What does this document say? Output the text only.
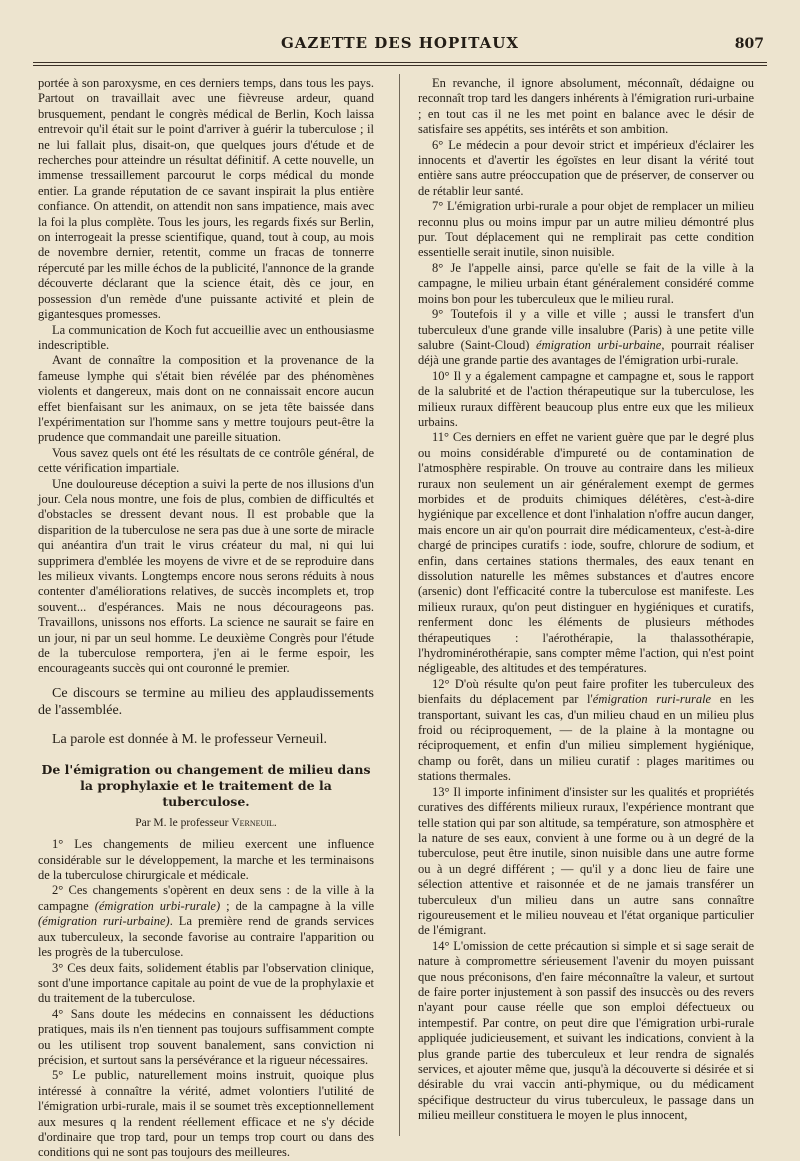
GAZETTE DES HOPITAUX	807

portée à son paroxysme, en ces derniers temps, dans tous les pays. Partout on travaillait avec une fièvreuse ardeur, quand brusquement, pendant le congrès médical de Berlin, Koch laissa entrevoir qu'il était sur le point d'arriver à guérir la tuberculose ; il ne lui fallait plus, disait-on, que quelques jours d'étude et de recherches pour atteindre un résultat définitif. A cette nouvelle, un immense tressaillement parcourut le corps médical du monde entier. La grande réputation de ce savant inspirait la plus entière confiance. On attendit, on attendit non sans impatience, mais avec la foi la plus complète. Tous les jours, les regards fixés sur Berlin, on interrogeait la presse scientifique, quand, tout à coup, au mois de novembre dernier, retentit, comme un fracas de tonnerre répercuté par les mille échos de la publicité, l'annonce de la grande découverte déclarant que la science était, dès ce jour, en possession d'un remède d'une puissante activité et plein de gigantesques promesses.

La communication de Koch fut accueillie avec un enthousiasme indescriptible.

Avant de connaître la composition et la provenance de la fameuse lymphe qui s'était bien révélée par des phénomènes violents et dangereux, mais dont on ne connaissait encore aucun effet bienfaisant sur les animaux, on se jeta tête baissée dans l'expérimentation sur l'homme sans y mettre toujours peut-être la prudence que commandait une pareille situation.

Vous savez quels ont été les résultats de ce contrôle général, de cette vérification impartiale.

Une douloureuse déception a suivi la perte de nos illusions d'un jour. Cela nous montre, une fois de plus, combien de difficultés et d'obstacles se dressent devant nous. Il est probable que la disparition de la tuberculose ne sera pas due à une sorte de miracle qui anéantira d'un trait le virus créateur du mal, ni qui lui supprimera d'emblée les moyens de vivre et de se reproduire dans les milieux vivants. Longtemps encore nous serons réduits à nous contenter d'améliorations relatives, de succès incomplets et, trop souvent... d'espérances. Mais ne nous décourageons pas. Travaillons, unissons nos efforts. La science ne saurait se faire en un jour, ni par un seul homme. Le deuxième Congrès pour l'étude de la tuberculose remportera, j'en ai le ferme espoir, les encourageants succès qui ont couronné le premier.

Ce discours se termine au milieu des applaudissements de l'assemblée.

La parole est donnée à M. le professeur Verneuil.

De l'émigration ou changement de milieu dans la prophylaxie et le traitement de la tuberculose.

Par M. le professeur Verneuil.

1° Les changements de milieu exercent une influence considérable sur le développement, la marche et les terminaisons de la tuberculose chirurgicale et médicale.

2° Ces changements s'opèrent en deux sens : de la ville à la campagne (émigration urbi-rurale) ; de la campagne à la ville (émigration ruri-urbaine). La première rend de grands services aux tuberculeux, la seconde favorise au contraire l'apparition ou les progrès de la tuberculose.

3° Ces deux faits, solidement établis par l'observation clinique, sont d'une importance capitale au point de vue de la prophylaxie et du traitement de la tuberculose.

4° Sans doute les médecins en connaissent les déductions pratiques, mais ils n'en tiennent pas toujours suffisamment compte ou les utilisent trop souvent banalement, sans conviction ni précision, et surtout sans la persévérance et la rigueur nécessaires.

5° Le public, naturellement moins instruit, quoique plus intéressé à connaître la vérité, admet volontiers l'utilité de l'émigration urbi-rurale, mais il se soumet très exceptionnellement aux mesures q la rendent réellement efficace et ne s'y décide d'ordinaire que trop tard, pour un temps trop court ou dans des conditions qui ne sont pas toujours des meilleures.

En revanche, il ignore absolument, méconnaît, dédaigne ou reconnaît trop tard les dangers inhérents à l'émigration ruri-urbaine ; en tout cas il ne les met point en balance avec le désir de satisfaire ses appétits, ses intérêts et son ambition.

6° Le médecin a pour devoir strict et impérieux d'éclairer les innocents et d'avertir les égoïstes en leur disant la vérité tout entière sans autre préoccupation que de préserver, de conserver ou de rétablir leur santé.

7° L'émigration urbi-rurale a pour objet de remplacer un milieu reconnu plus ou moins impur par un autre milieu démontré plus pur. Tout déplacement qui ne remplirait pas cette condition essentielle serait inutile, sinon nuisible.

8° Je l'appelle ainsi, parce qu'elle se fait de la ville à la campagne, le milieu urbain étant généralement considéré comme moins bon pour les tuberculeux que le milieu rural.

9° Toutefois il y a ville et ville ; aussi le transfert d'un tuberculeux d'une grande ville insalubre (Paris) à une petite ville salubre (Saint-Cloud) émigration urbi-urbaine, pourrait réaliser déjà une grande partie des avantages de l'émigration urbi-rurale.

10° Il y a également campagne et campagne et, sous le rapport de la salubrité et de l'action thérapeutique sur la tuberculose, les milieux ruraux diffèrent beaucoup plus entre eux que les milieux urbains.

11° Ces derniers en effet ne varient guère que par le degré plus ou moins considérable d'impureté ou de contamination de l'atmosphère respirable. On trouve au contraire dans les milieux ruraux non seulement un air généralement exempt de germes morbides et de produits chimiques délétères, c'est-à-dire hygiénique par excellence et dont l'inhalation n'offre aucun danger, mais encore un air qu'on pourrait dire médicamenteux, c'est-à-dire chargé de principes curatifs : iode, soufre, chlorure de sodium, et enfin, dans certaines stations thermales, des eaux tenant en dissolution naturelle les mêmes substances et d'autres encore (arsenic) dont l'efficacité contre la tuberculose est manifeste. Les milieux ruraux, qu'on peut distinguer en hygiéniques et curatifs, renferment donc les éléments de plusieurs méthodes thérapeutiques : l'aérothérapie, la thalassothérapie, l'hydrominérothérapie, sans compter même l'action, qui n'est point négligeable, des altitudes et des températures.

12° D'où résulte qu'on peut faire profiter les tuberculeux des bienfaits du déplacement par l'émigration ruri-rurale en les transportant, suivant les cas, d'un milieu chaud en un milieu plus froid ou réciproquement, — de la plaine à la montagne ou réciproquement, et enfin d'un milieu simplement hygiénique, champ ou forêt, dans un milieu curatif : plages maritimes ou stations thermales.

13° Il importe infiniment d'insister sur les qualités et propriétés curatives des différents milieux ruraux, l'expérience montrant que telle station qui par son altitude, sa température, son atmosphère et la nature de ses eaux, convient à une forme ou à un degré de la tuberculose, peut être inutile, sinon nuisible dans une autre forme ou à un degré différent ; — qu'il y a donc lieu de faire une sélection attentive et raisonnée et de ne jamais transférer un tuberculeux d'un milieu dans un autre sans connaître rigoureusement et le milieu nouveau et l'état organique particulier de l'émigrant.

14° L'omission de cette précaution si simple et si sage serait de nature à compromettre sérieusement l'avenir du moyen puissant que nous préconisons, d'en faire méconnaître la valeur, et surtout de faire porter injustement à son passif des insuccès ou des revers n'ayant pour cause réelle que son emploi défectueux ou intempestif. Par contre, on peut dire que l'émigration urbi-rurale appliquée judicieusement, et suivant les indications, convient à la plus grande partie des tuberculeux et leur rendra de signalés services, et ajouter même que, jusqu'à la découverte si désirée et si désirable du vrai vaccin anti-phymique, ou du médicament spécifique destructeur du virus tuberculeux, le passage dans un milieu meilleur constituera le moyen le plus innocent,
